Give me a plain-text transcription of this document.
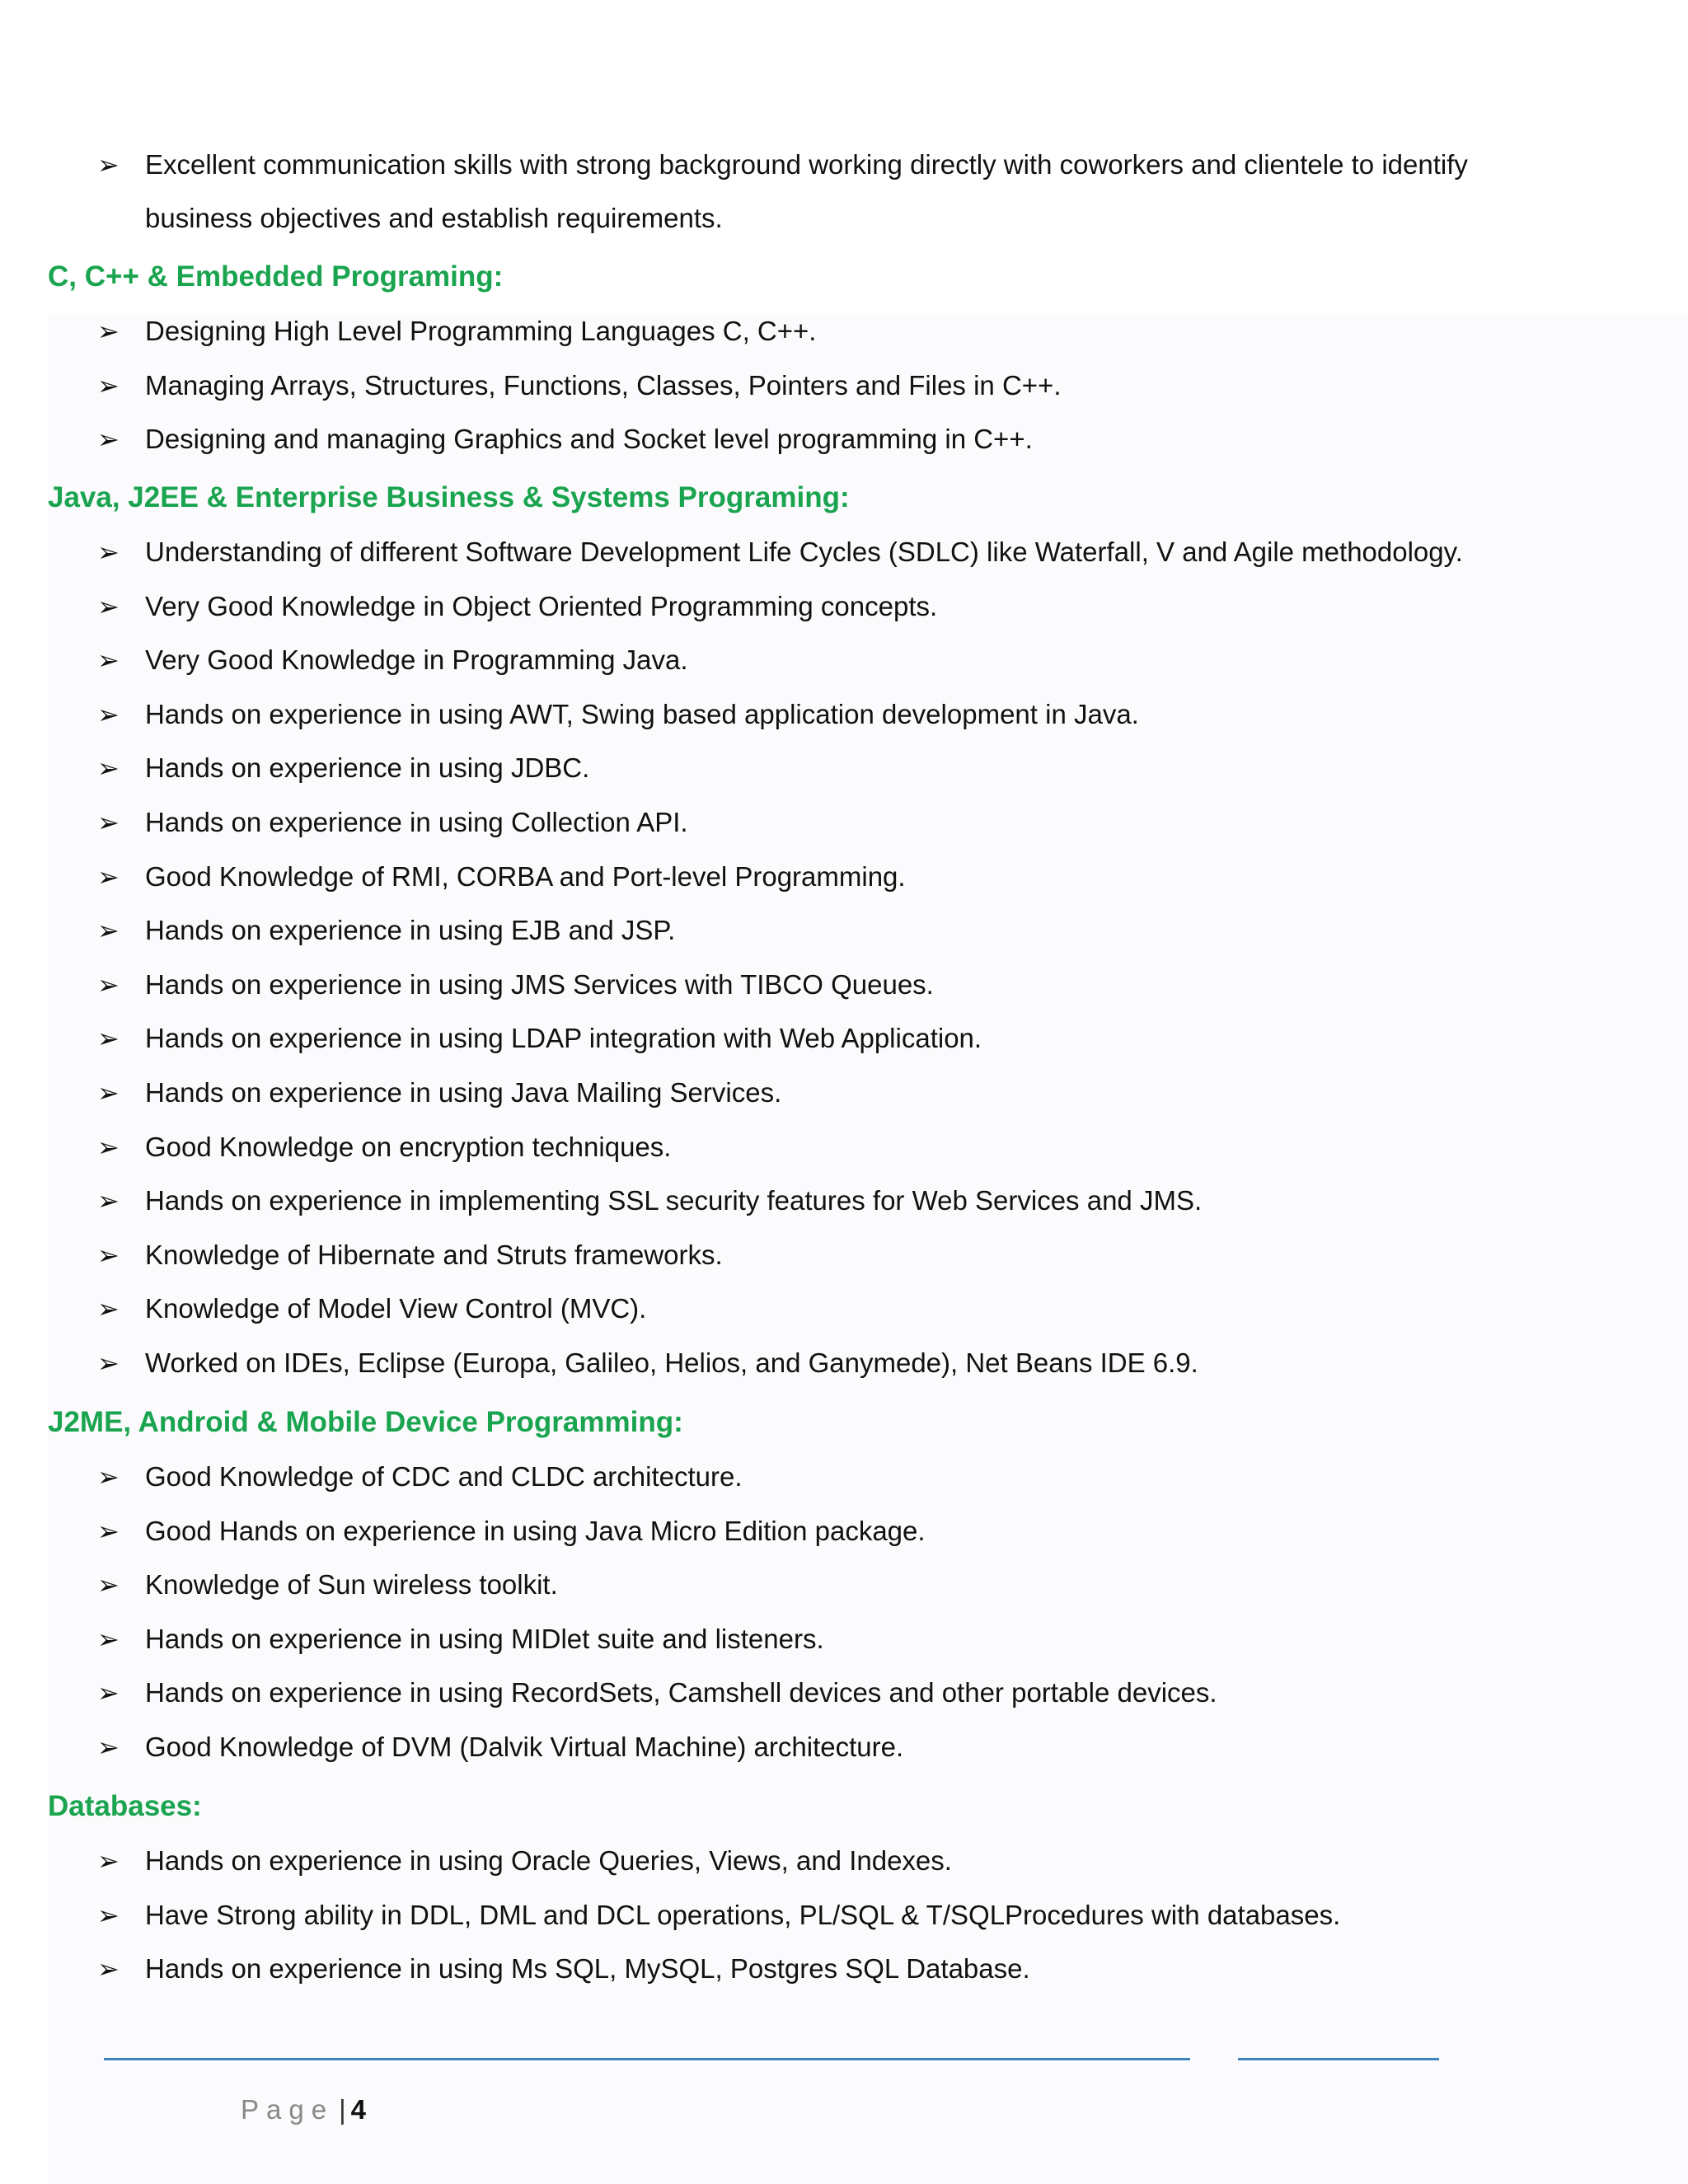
➢ Excellent communication skills with strong background working directly with coworkers and clientele to identify
business objectives and establish requirements.
C, C++ & Embedded Programing:
➢ Designing High Level Programming Languages C, C++.
➢ Managing Arrays, Structures, Functions, Classes, Pointers and Files in C++.
➢ Designing and managing Graphics and Socket level programming in C++.
Java, J2EE & Enterprise Business & Systems Programing:
➢ Understanding of different Software Development Life Cycles (SDLC) like Waterfall, V and Agile methodology.
➢ Very Good Knowledge in Object Oriented Programming concepts.
➢ Very Good Knowledge in Programming Java.
➢ Hands on experience in using AWT, Swing based application development in Java.
➢ Hands on experience in using JDBC.
➢ Hands on experience in using Collection API.
➢ Good Knowledge of RMI, CORBA and Port-level Programming.
➢ Hands on experience in using EJB and JSP.
➢ Hands on experience in using JMS Services with TIBCO Queues.
➢ Hands on experience in using LDAP integration with Web Application.
➢ Hands on experience in using Java Mailing Services.
➢ Good Knowledge on encryption techniques.
➢ Hands on experience in implementing SSL security features for Web Services and JMS.
➢ Knowledge of Hibernate and Struts frameworks.
➢ Knowledge of Model View Control (MVC).
➢ Worked on IDEs, Eclipse (Europa, Galileo, Helios, and Ganymede), Net Beans IDE 6.9.
J2ME, Android & Mobile Device Programming:
➢ Good Knowledge of CDC and CLDC architecture.
➢ Good Hands on experience in using Java Micro Edition package.
➢ Knowledge of Sun wireless toolkit.
➢ Hands on experience in using MIDlet suite and listeners.
➢ Hands on experience in using RecordSets, Camshell devices and other portable devices.
➢ Good Knowledge of DVM (Dalvik Virtual Machine) architecture.
Databases:
➢ Hands on experience in using Oracle Queries, Views, and Indexes.
➢ Have Strong ability in DDL, DML and DCL operations, PL/SQL & T/SQLProcedures with databases.
➢ Hands on experience in using Ms SQL, MySQL, Postgres SQL Database.
Page | 4
